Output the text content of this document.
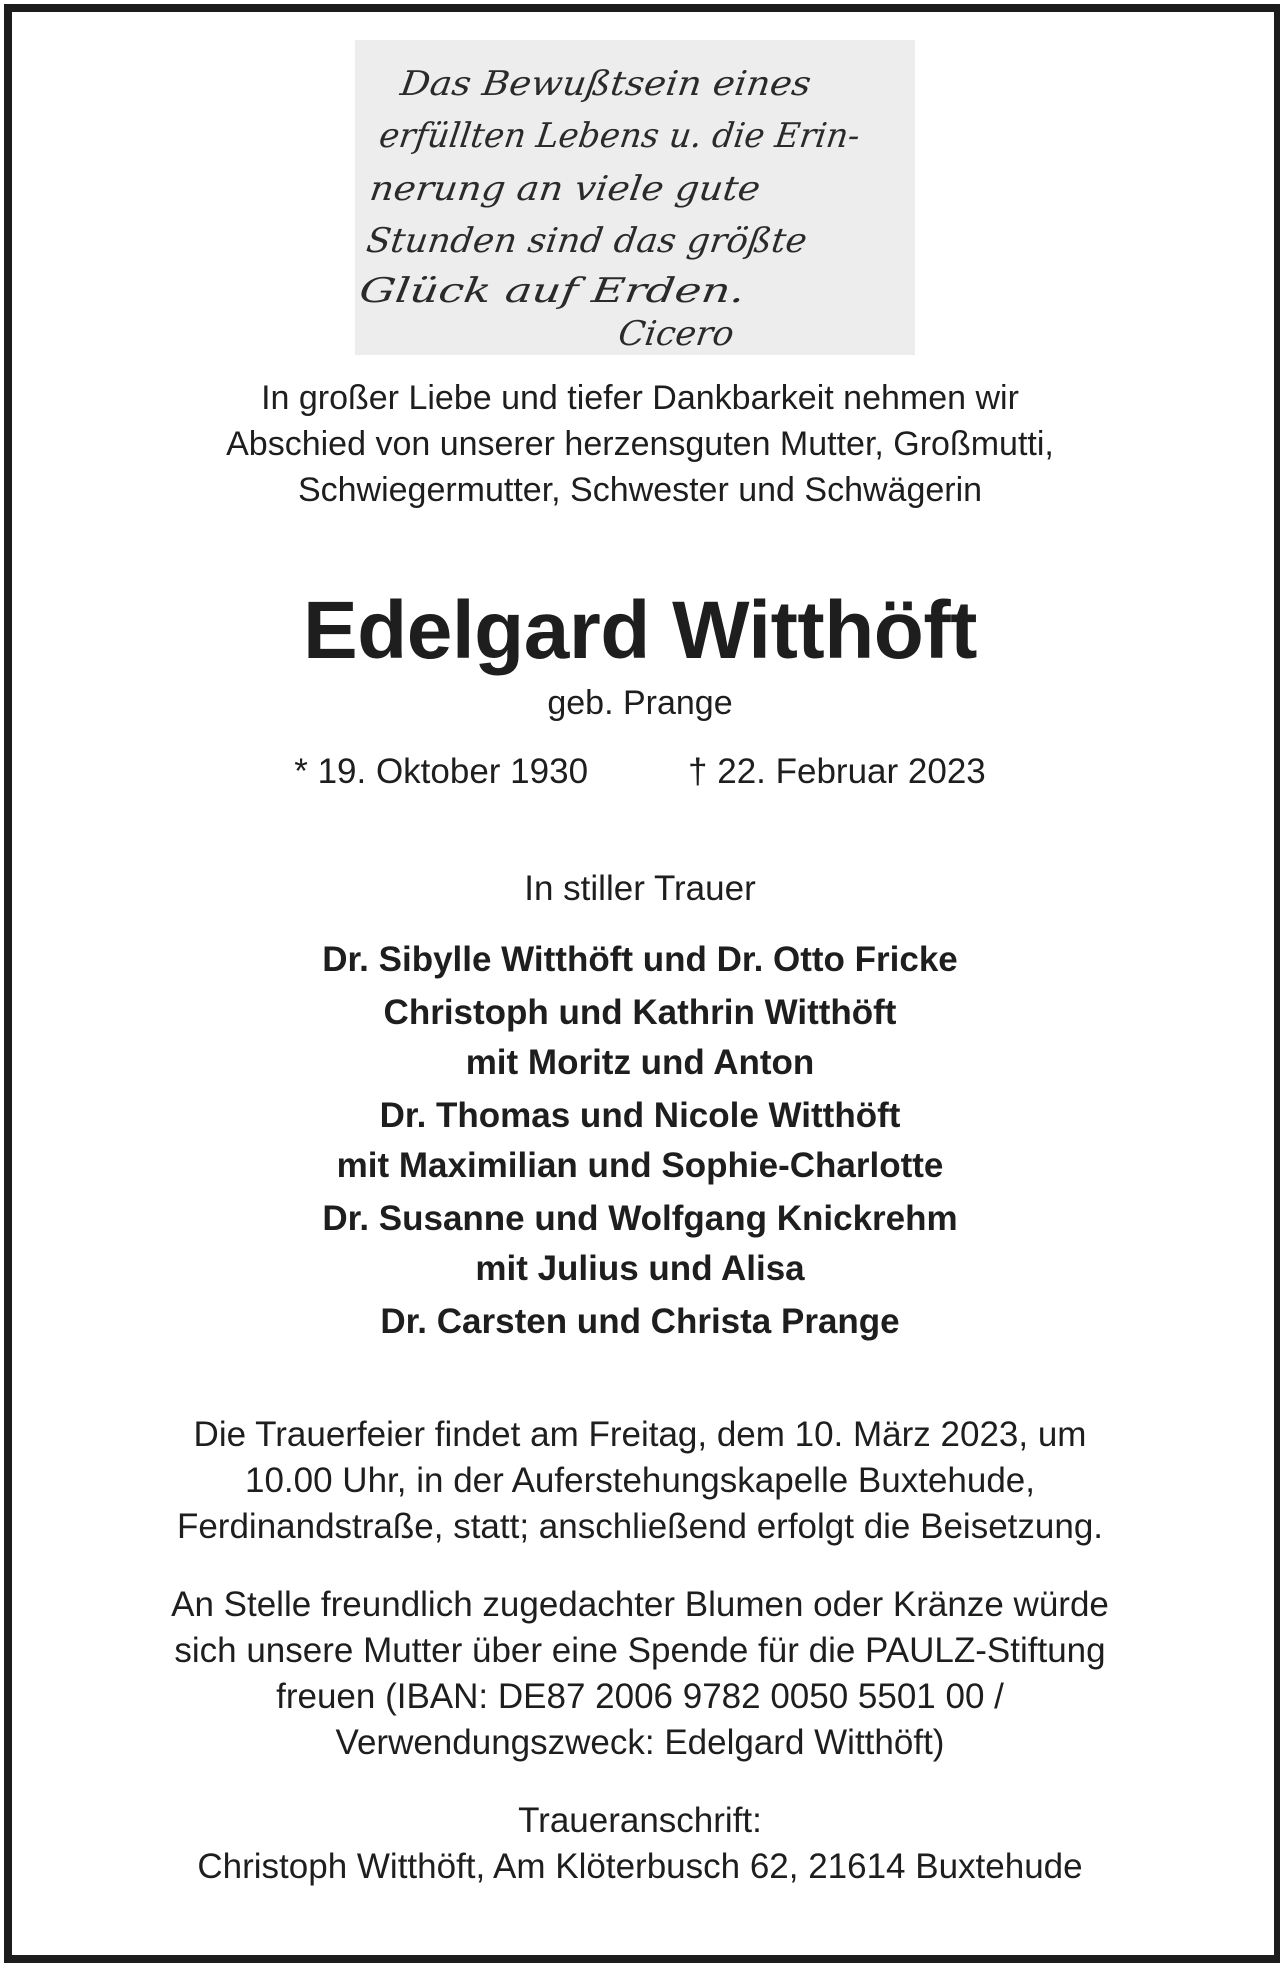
Das Bewußtsein eines
erfüllten Lebens u. die Erin-
nerung an viele gute
Stunden sind das größte
Glück auf Erden.
Cicero
In großer Liebe und tiefer Dankbarkeit nehmen wir
Abschied von unserer herzensguten Mutter, Großmutti,
Schwiegermutter, Schwester und Schwägerin
Edelgard Witthöft
geb. Prange
* 19. Oktober 1930	† 22. Februar 2023
In stiller Trauer
Dr. Sibylle Witthöft und Dr. Otto Fricke
Christoph und Kathrin Witthöft
mit Moritz und Anton
Dr. Thomas und Nicole Witthöft
mit Maximilian und Sophie-Charlotte
Dr. Susanne und Wolfgang Knickrehm
mit Julius und Alisa
Dr. Carsten und Christa Prange
Die Trauerfeier findet am Freitag, dem 10. März 2023, um
10.00 Uhr, in der Auferstehungskapelle Buxtehude,
Ferdinandstraße, statt; anschließend erfolgt die Beisetzung.
An Stelle freundlich zugedachter Blumen oder Kränze würde
sich unsere Mutter über eine Spende für die PAULZ-Stiftung
freuen (IBAN: DE87 2006 9782 0050 5501 00 /
Verwendungszweck: Edelgard Witthöft)
Traueranschrift:
Christoph Witthöft, Am Klöterbusch 62, 21614 Buxtehude
